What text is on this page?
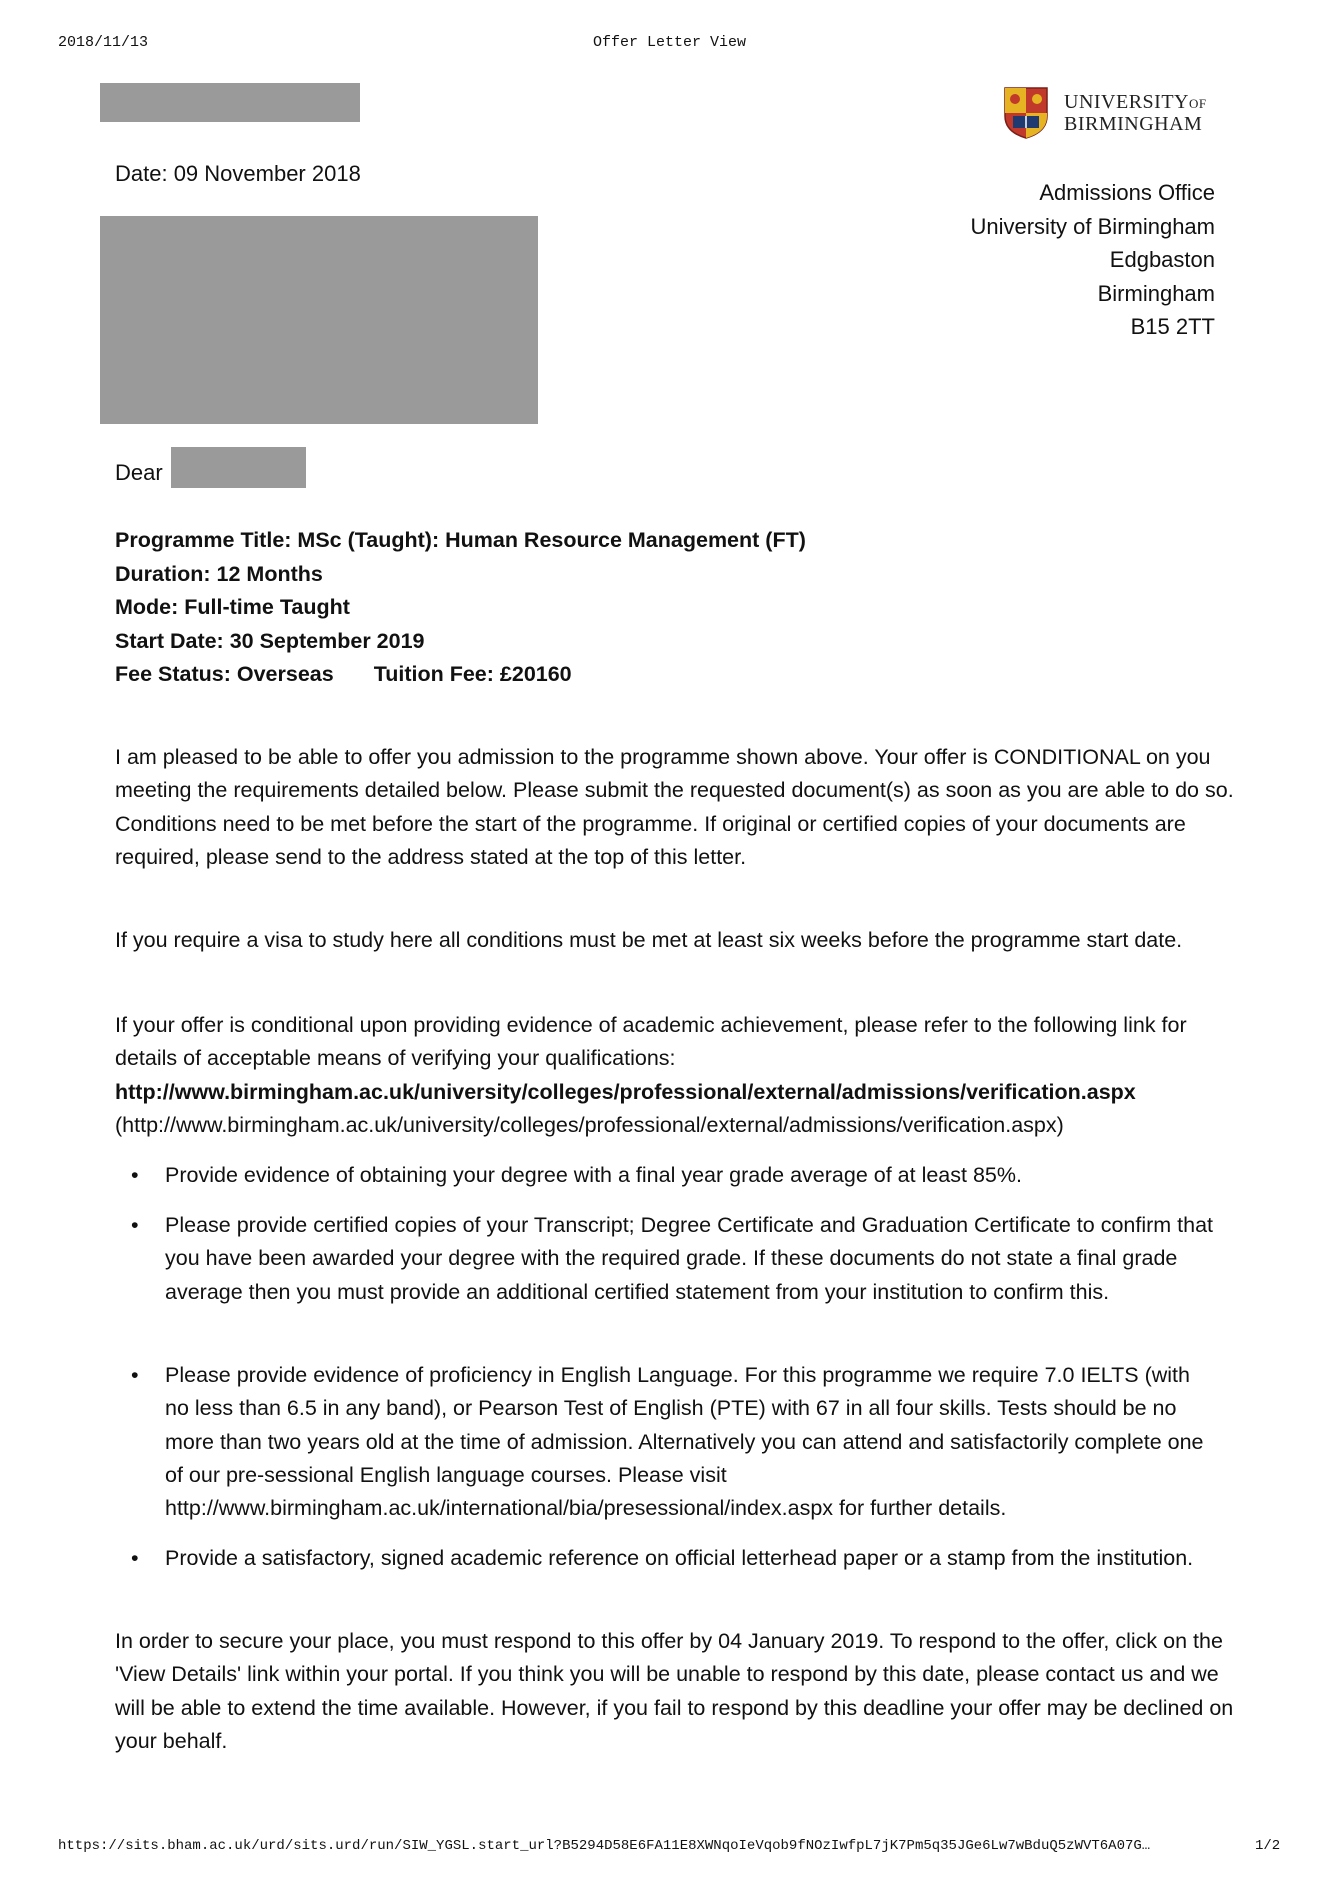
2018/11/13	Offer Letter View
UNIVERSITYOF
BIRMINGHAM
Date: 09 November 2018
Admissions Office
University of Birmingham
Edgbaston
Birmingham
B15 2TT
Dear
Programme Title: MSc (Taught): Human Resource Management (FT)
Duration: 12 Months
Mode: Full-time Taught
Start Date: 30 September 2019
Fee Status: Overseas Tuition Fee: £20160
I am pleased to be able to offer you admission to the programme shown above. Your offer is CONDITIONAL on you meeting the requirements detailed below. Please submit the requested document(s) as soon as you are able to do so. Conditions need to be met before the start of the programme. If original or certified copies of your documents are required, please send to the address stated at the top of this letter.
If you require a visa to study here all conditions must be met at least six weeks before the programme start date.
If your offer is conditional upon providing evidence of academic achievement, please refer to the following link for details of acceptable means of verifying your qualifications:
http://www.birmingham.ac.uk/university/colleges/professional/external/admissions/verification.aspx
(http://www.birmingham.ac.uk/university/colleges/professional/external/admissions/verification.aspx)
• Provide evidence of obtaining your degree with a final year grade average of at least 85%.
• Please provide certified copies of your Transcript; Degree Certificate and Graduation Certificate to confirm that you have been awarded your degree with the required grade. If these documents do not state a final grade average then you must provide an additional certified statement from your institution to confirm this.
• Please provide evidence of proficiency in English Language. For this programme we require 7.0 IELTS (with no less than 6.5 in any band), or Pearson Test of English (PTE) with 67 in all four skills. Tests should be no more than two years old at the time of admission. Alternatively you can attend and satisfactorily complete one of our pre-sessional English language courses. Please visit http://www.birmingham.ac.uk/international/bia/presessional/index.aspx for further details.
• Provide a satisfactory, signed academic reference on official letterhead paper or a stamp from the institution.
In order to secure your place, you must respond to this offer by 04 January 2019. To respond to the offer, click on the 'View Details' link within your portal. If you think you will be unable to respond by this date, please contact us and we will be able to extend the time available. However, if you fail to respond by this deadline your offer may be declined on your behalf.
https://sits.bham.ac.uk/urd/sits.urd/run/SIW_YGSL.start_url?B5294D58E6FA11E8XWNqoIeVqob9fNOzIwfpL7jK7Pm5q35JGe6Lw7wBduQ5zWVT6A07G…	1/2
